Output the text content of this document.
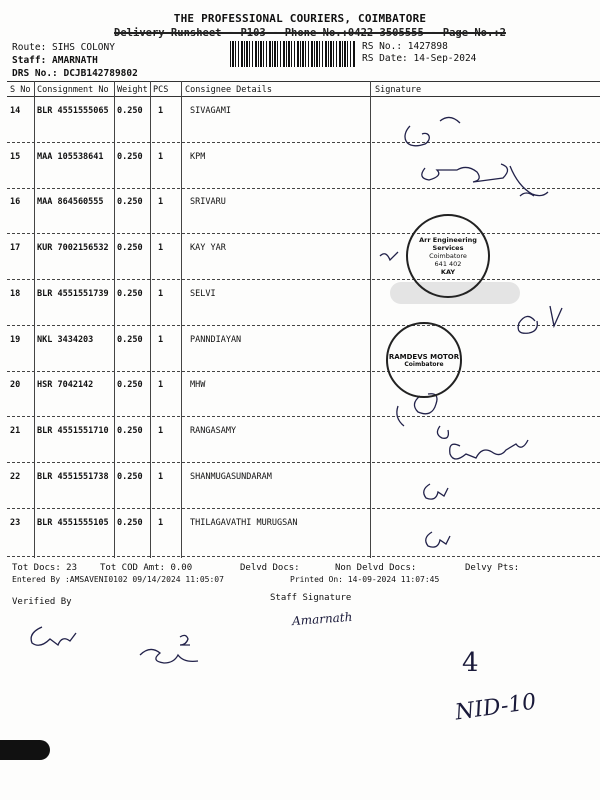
THE PROFESSIONAL COURIERS, COIMBATORE
Delivery Runsheet - P103 - Phone No.:0422-3505555 - Page No.:2
Route: SIHS COLONY
Staff: AMARNATH
DRS No.: DCJB142789802
RS No.: 1427898
RS Date: 14-Sep-2024
S No Consignment No Weight PCS Consignee Details	Signature
14 BLR 4551555065 0.250 1	SIVAGAMI
15 MAA 105538641 0.250 1	KPM
16 MAA 864560555 0.250 1	SRIVARU
17 KUR 7002156532 0.250 1	KAY YAR
18 BLR 4551551739 0.250 1	SELVI
19 NKL 3434203	0.250 1	PANNDIAYAN
20 HSR 7042142	0.250 1	MHW
21 BLR 4551551710 0.250 1	RANGASAMY
22 BLR 4551551738 0.250 1	SHANMUGASUNDARAM
23 BLR 4551555105 0.250 1	THILAGAVATHI MURUGSAN
Arr Engineering Services
Coimbatore
641 402
KAY
RAMDEVS MOTOR
Coimbatore
Tot Docs: 23	Tot COD Amt: 0.00	Delvd Docs:	Non Delvd Docs:	Delvy Pts:
Entered By :AMSAVENI0102 09/14/2024 11:05:07	Printed On: 14-09-2024 11:07:45
Verified By	Staff Signature
Amarnath
4
NID-10
